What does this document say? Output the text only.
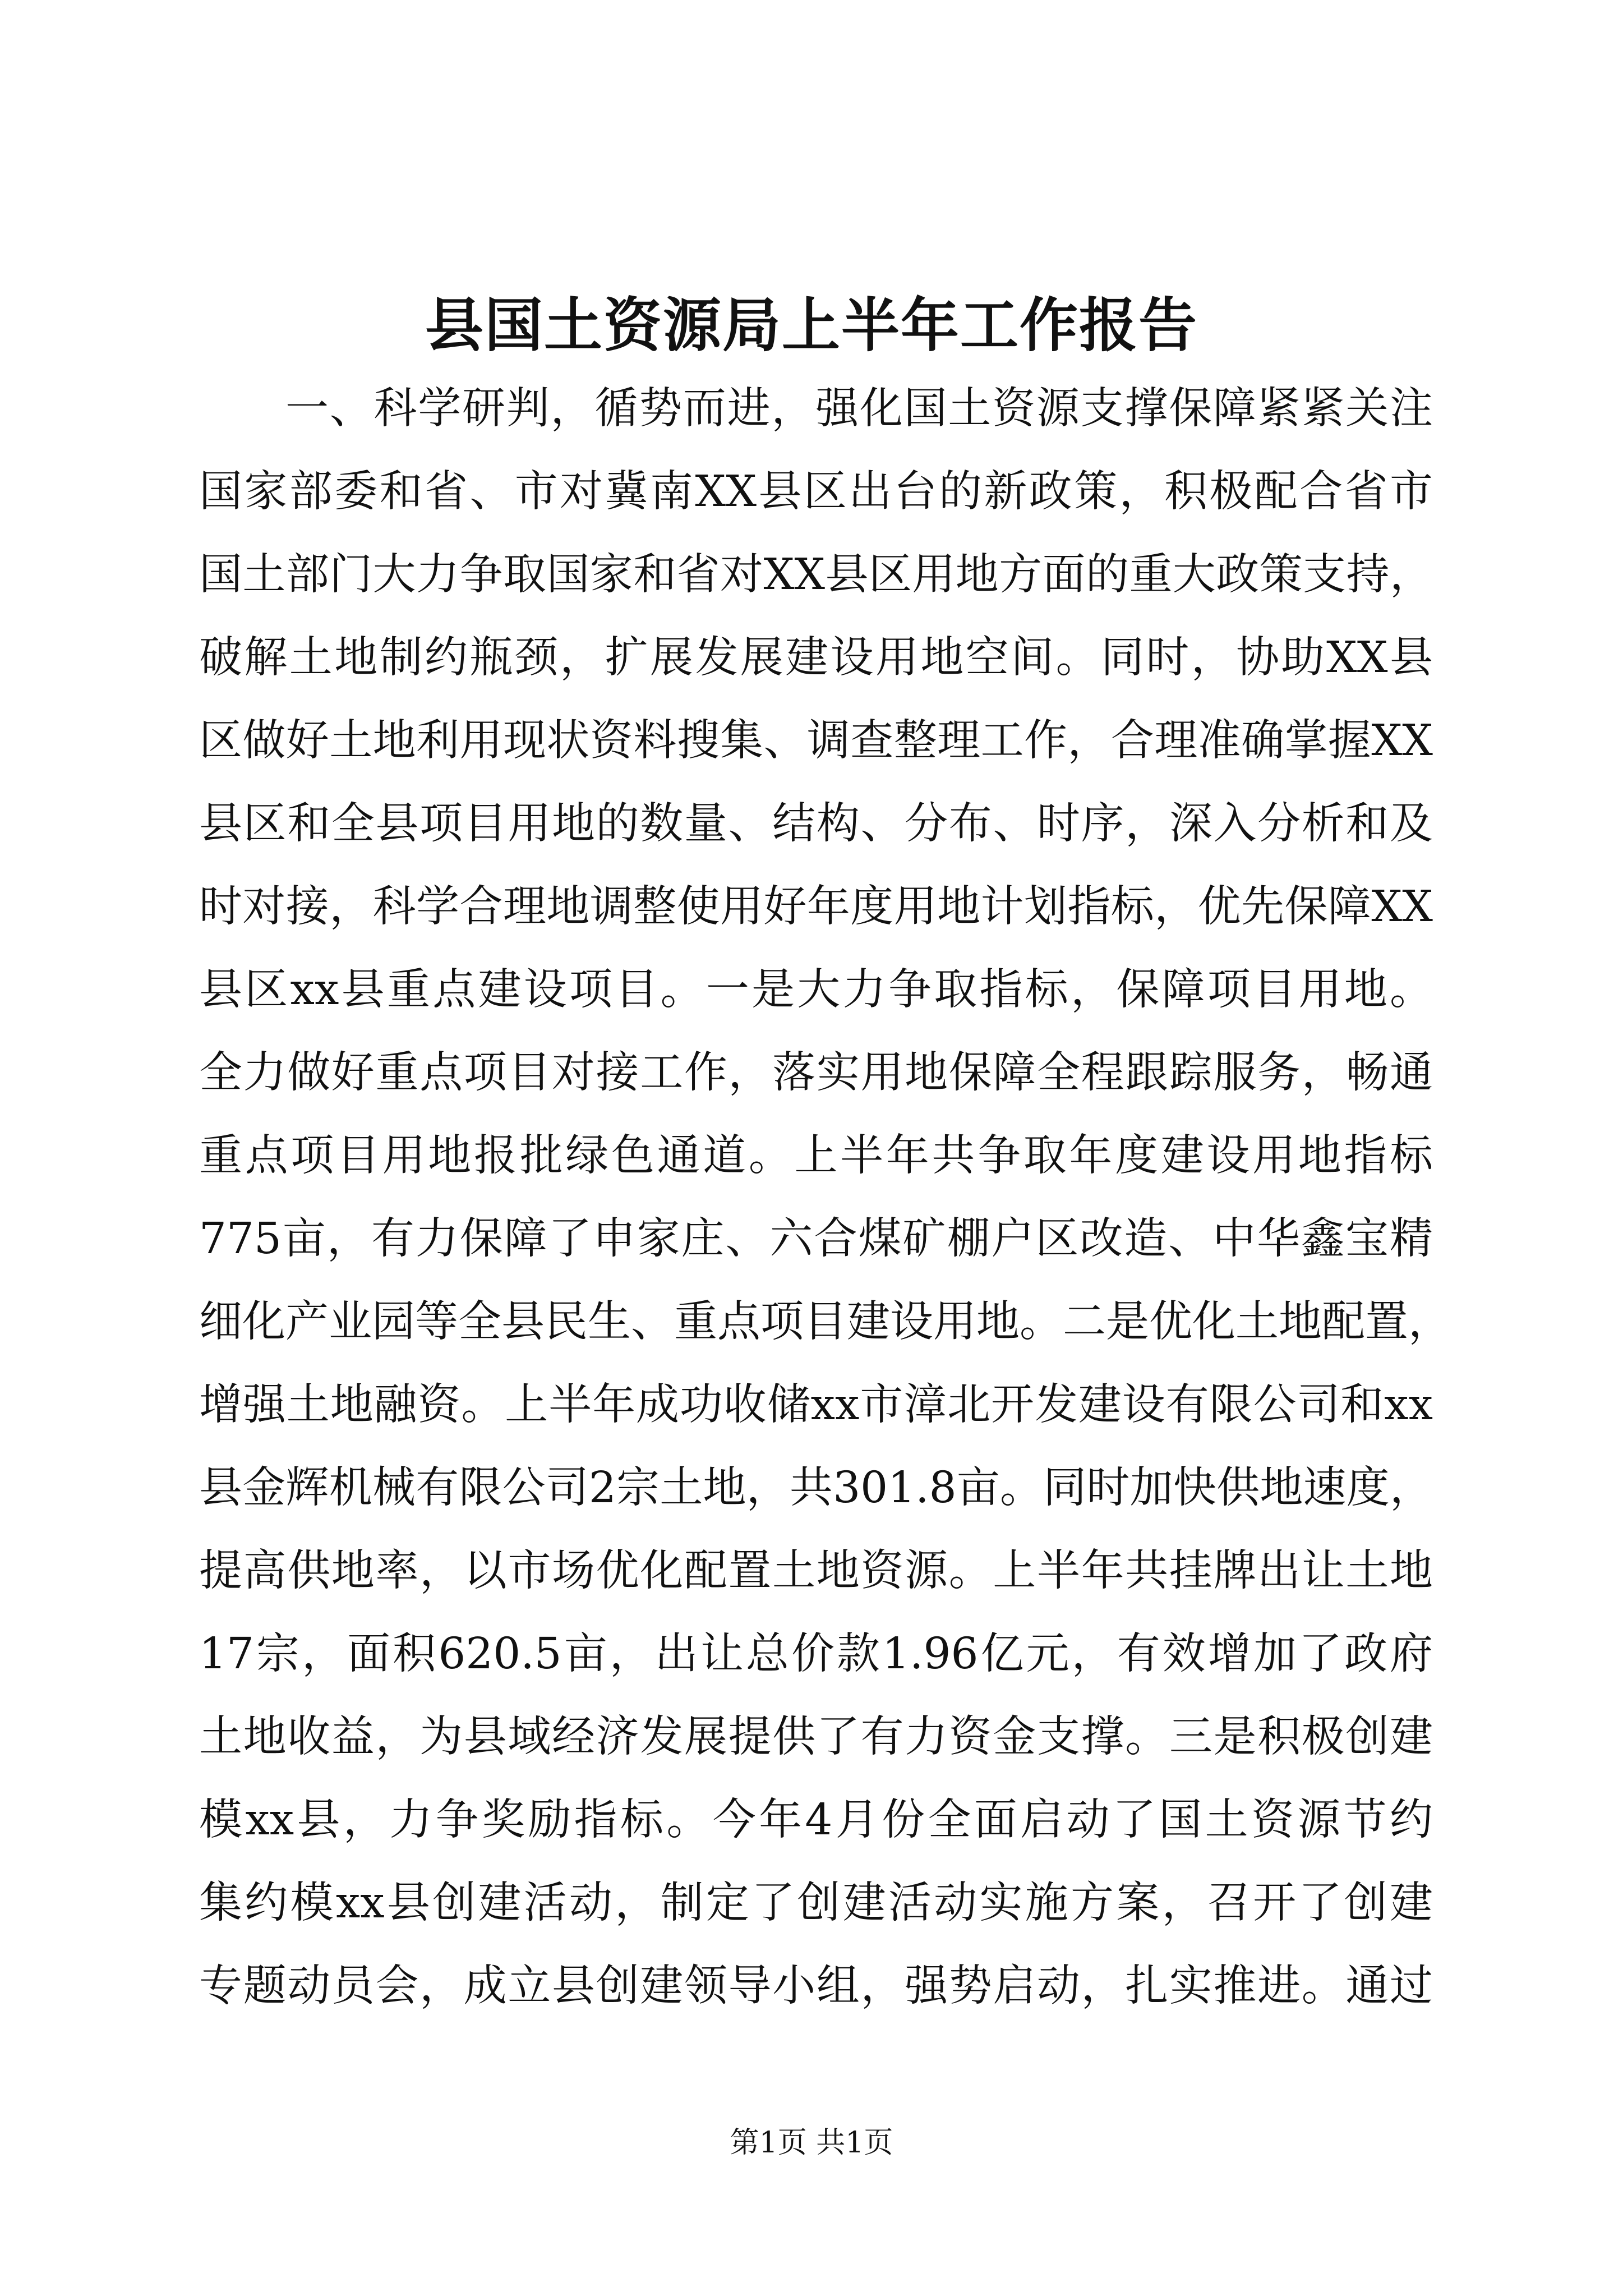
县国土资源局上半年工作报告
一、科学研判，循势而进，强化国土资源支撑保障紧紧关注
国家部委和省、市对冀南XX县区出台的新政策，积极配合省市
国土部门大力争取国家和省对XX县区用地方面的重大政策支持，
破解土地制约瓶颈，扩展发展建设用地空间。同时，协助XX县
区做好土地利用现状资料搜集、调查整理工作，合理准确掌握XX
县区和全县项目用地的数量、结构、分布、时序，深入分析和及
时对接，科学合理地调整使用好年度用地计划指标，优先保障XX
县区xx县重点建设项目。一是大力争取指标，保障项目用地。
全力做好重点项目对接工作，落实用地保障全程跟踪服务，畅通
重点项目用地报批绿色通道。上半年共争取年度建设用地指标
775亩，有力保障了申家庄、六合煤矿棚户区改造、中华鑫宝精
细化产业园等全县民生、重点项目建设用地。二是优化土地配置，
增强土地融资。上半年成功收储xx市漳北开发建设有限公司和xx
县金辉机械有限公司2宗土地，共301.8亩。同时加快供地速度，
提高供地率，以市场优化配置土地资源。上半年共挂牌出让土地
17宗，面积620.5亩，出让总价款1.96亿元，有效增加了政府
土地收益，为县域经济发展提供了有力资金支撑。三是积极创建
模xx县，力争奖励指标。今年4月份全面启动了国土资源节约
集约模xx县创建活动，制定了创建活动实施方案，召开了创建
专题动员会，成立县创建领导小组，强势启动，扎实推进。通过
第1页 共1页
